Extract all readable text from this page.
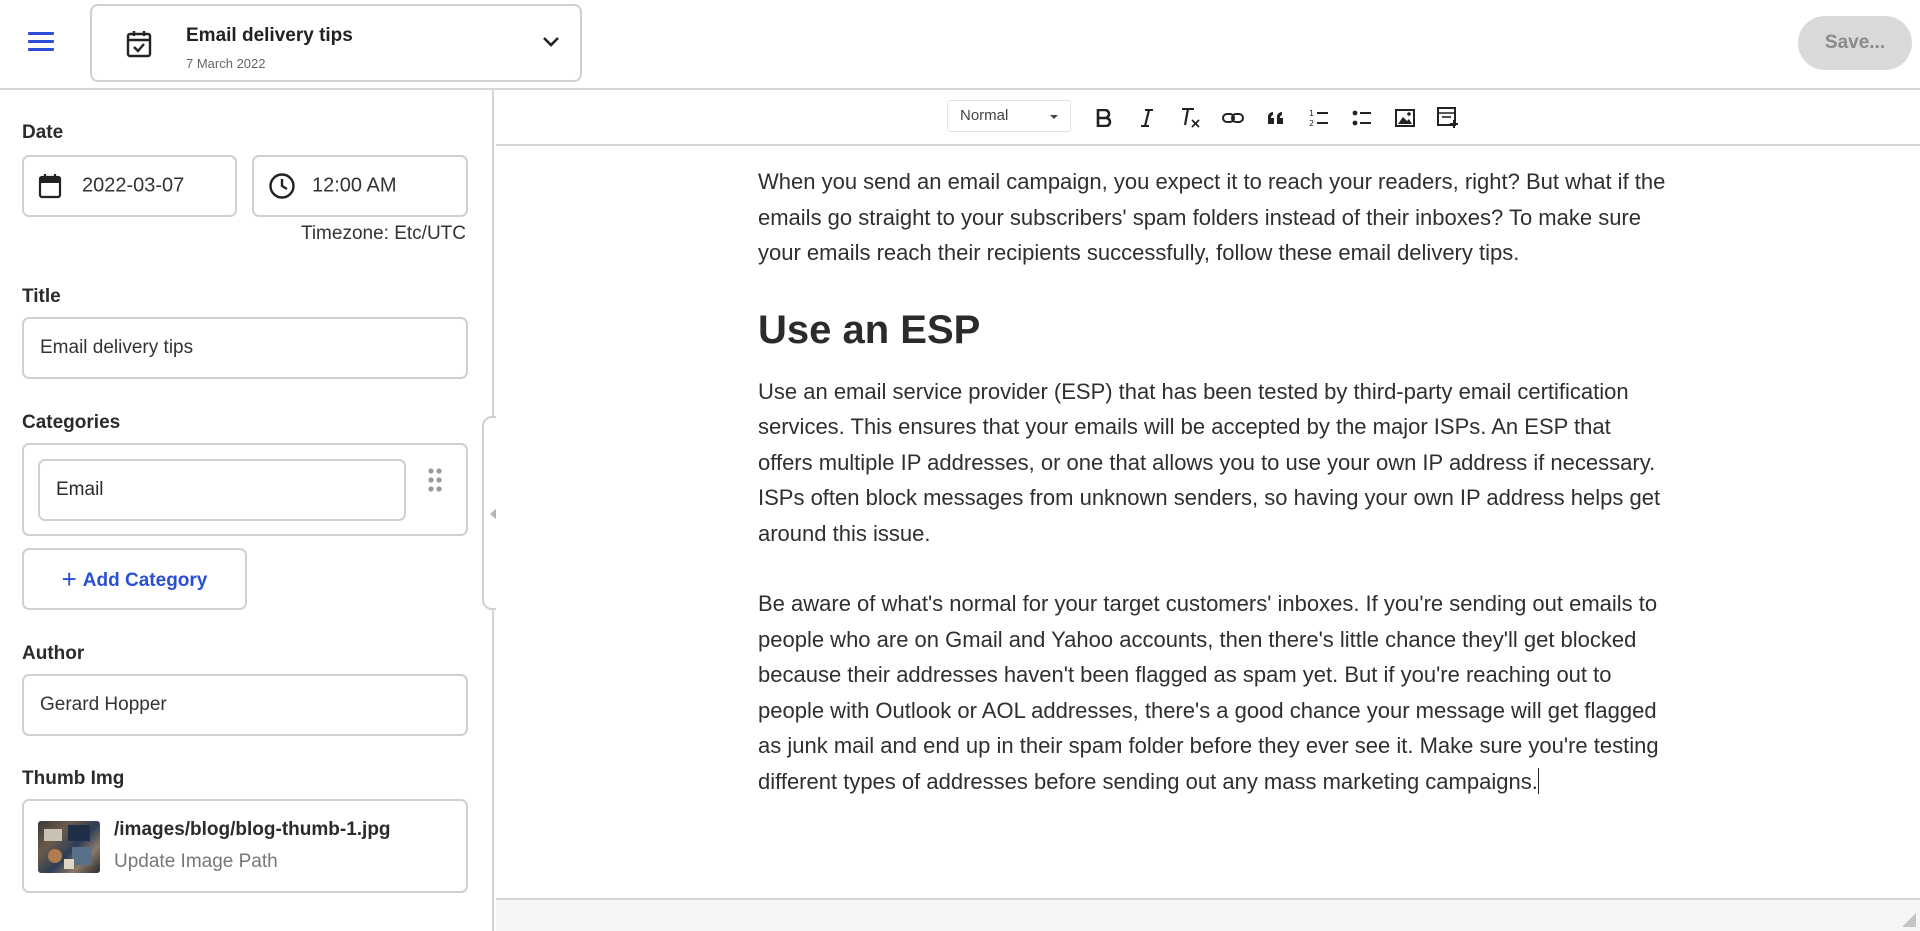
Email delivery tips
7 March 2022
Save...
Date
2022-03-07	12:00 AM
Timezone: Etc/UTC
Title
Email delivery tips
Categories
Email
+ Add Category
Author
Gerard Hopper
Thumb Img
/images/blog/blog-thumb-1.jpg
Update Image Path
Normal	1
2

When you send an email campaign, you expect it to reach your readers, right? But what if the emails go straight to your subscribers' spam folders instead of their inboxes? To make sure your emails reach their recipients successfully, follow these email delivery tips.

Use an ESP

Use an email service provider (ESP) that has been tested by third-party email certification services. This ensures that your emails will be accepted by the major ISPs. An ESP that offers multiple IP addresses, or one that allows you to use your own IP address if necessary. ISPs often block messages from unknown senders, so having your own IP address helps get around this issue.

Be aware of what's normal for your target customers' inboxes. If you're sending out emails to people who are on Gmail and Yahoo accounts, then there's little chance they'll get blocked because their addresses haven't been flagged as spam yet. But if you're reaching out to people with Outlook or AOL addresses, there's a good chance your message will get flagged as junk mail and end up in their spam folder before they ever see it. Make sure you're testing different types of addresses before sending out any mass marketing campaigns.
